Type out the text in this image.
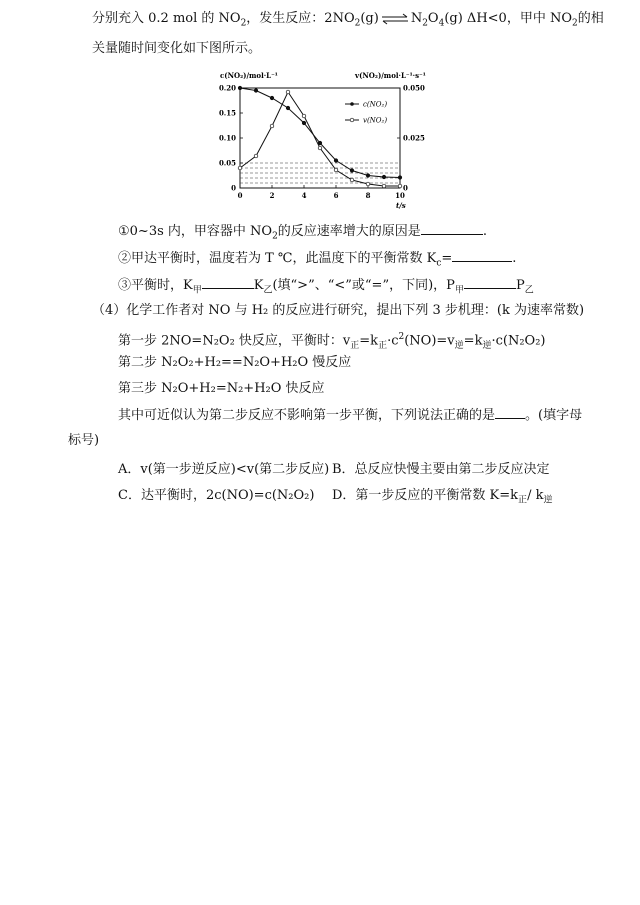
分别充入 0.2 mol 的 $NO_2$，发生反应：$2NO_2(g)$ ⇌ $N_2O_4(g)$ ΔH<0，甲中 $NO_2$的相
关量随时间变化如下图所示。
c(NO₂)/mol·L⁻¹	v(NO₂)/mol·L⁻¹·s⁻¹
t/s
0.20
0.15
0.10
0.05
0
0.050
0.025
0
0	2	4	6	8	10
c(NO₂)
v(NO₂)
①0~3s 内，甲容器中 $NO_2$的反应速率增大的原因是	.
②甲达平衡时，温度若为 T ℃，此温度下的平衡常数 $K_c=$	.
③平衡时，$K_甲$	$K_乙$(填“>”、“<”或“=”，下同)，$P_甲$	$P_乙$
（4）化学工作者对 NO 与 H₂ 的反应进行研究，提出下列 3 步机理：(k 为速率常数)
第一步 2NO=N₂O₂ 快反应，平衡时：$v_正=k_正\cdot c^2(NO)=v_逆=k_逆\cdot c(N_2O_2)$
第二步 N₂O₂+H₂==N₂O+H₂O 慢反应
第三步 N₂O+H₂=N₂+H₂O 快反应
其中可近似认为第二步反应不影响第一步平衡，下列说法正确的是 。(填字母
标号)
A．v(第一步逆反应)<v(第二步反应) B．总反应快慢主要由第二步反应决定
C．达平衡时，2c(NO)=c(N₂O₂) D．第一步反应的平衡常数 $K=k_正/$ $k_逆$
